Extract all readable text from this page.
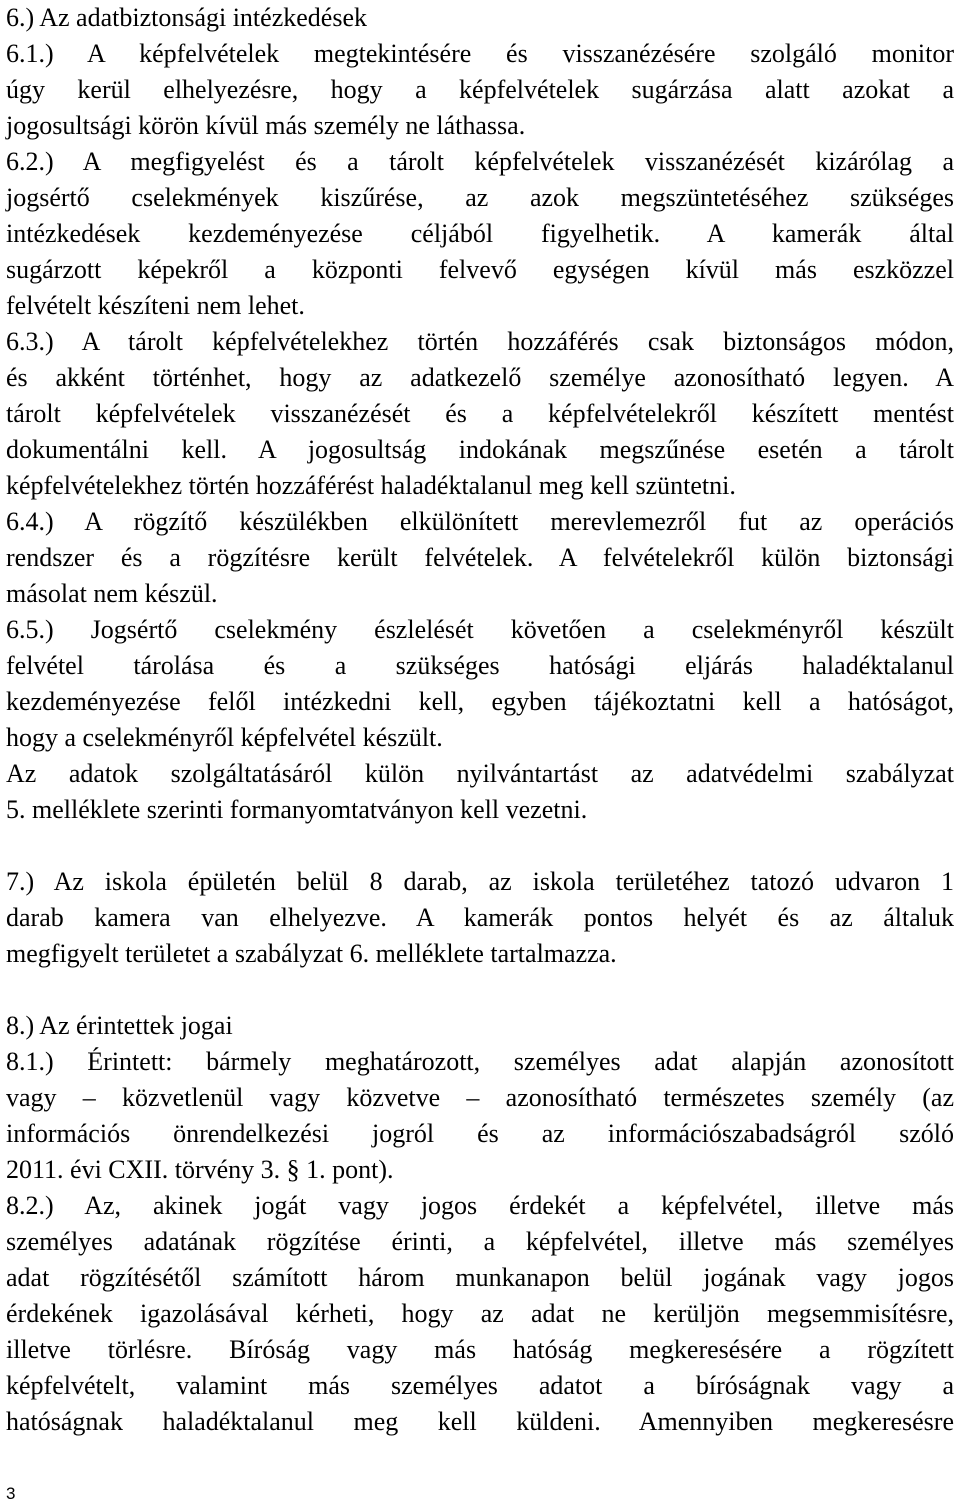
6.) Az adatbiztonsági intézkedések
6.1.) A képfelvételek megtekintésére és visszanézésére szolgáló monitor
úgy kerül elhelyezésre, hogy a képfelvételek sugárzása alatt azokat a
jogosultsági körön kívül más személy ne láthassa.
6.2.) A megfigyelést és a tárolt képfelvételek visszanézését kizárólag a
jogsértő cselekmények kiszűrése, az azok megszüntetéséhez szükséges
intézkedések kezdeményezése céljából figyelhetik. A kamerák által
sugárzott képekről a központi felvevő egységen kívül más eszközzel
felvételt készíteni nem lehet.
6.3.) A tárolt képfelvételekhez történ hozzáférés csak biztonságos módon,
és akként történhet, hogy az adatkezelő személye azonosítható legyen. A
tárolt képfelvételek visszanézését és a képfelvételekről készített mentést
dokumentálni kell. A jogosultság indokának megszűnése esetén a tárolt
képfelvételekhez történ hozzáférést haladéktalanul meg kell szüntetni.
6.4.) A rögzítő készülékben elkülönített merevlemezről fut az operációs
rendszer és a rögzítésre került felvételek. A felvételekről külön biztonsági
másolat nem készül.
6.5.) Jogsértő cselekmény észlelését követően a cselekményről készült
felvétel tárolása és a szükséges hatósági eljárás haladéktalanul
kezdeményezése felől intézkedni kell, egyben tájékoztatni kell a hatóságot,
hogy a cselekményről képfelvétel készült.
Az adatok szolgáltatásáról külön nyilvántartást az adatvédelmi szabályzat
5. melléklete szerinti formanyomtatványon kell vezetni.
7.) Az iskola épületén belül 8 darab, az iskola területéhez tatozó udvaron 1
darab kamera van elhelyezve. A kamerák pontos helyét és az általuk
megfigyelt területet a szabályzat 6. melléklete tartalmazza.
8.) Az érintettek jogai
8.1.) Érintett: bármely meghatározott, személyes adat alapján azonosított
vagy – közvetlenül vagy közvetve – azonosítható természetes személy (az
információs önrendelkezési jogról és az információszabadságról szóló
2011. évi CXII. törvény 3. § 1. pont).
8.2.) Az, akinek jogát vagy jogos érdekét a képfelvétel, illetve más
személyes adatának rögzítése érinti, a képfelvétel, illetve más személyes
adat rögzítésétől számított három munkanapon belül jogának vagy jogos
érdekének igazolásával kérheti, hogy az adat ne kerüljön megsemmisítésre,
illetve törlésre. Bíróság vagy más hatóság megkeresésére a rögzített
képfelvételt, valamint más személyes adatot a bíróságnak vagy a
hatóságnak haladéktalanul meg kell küldeni. Amennyiben megkeresésre
3
